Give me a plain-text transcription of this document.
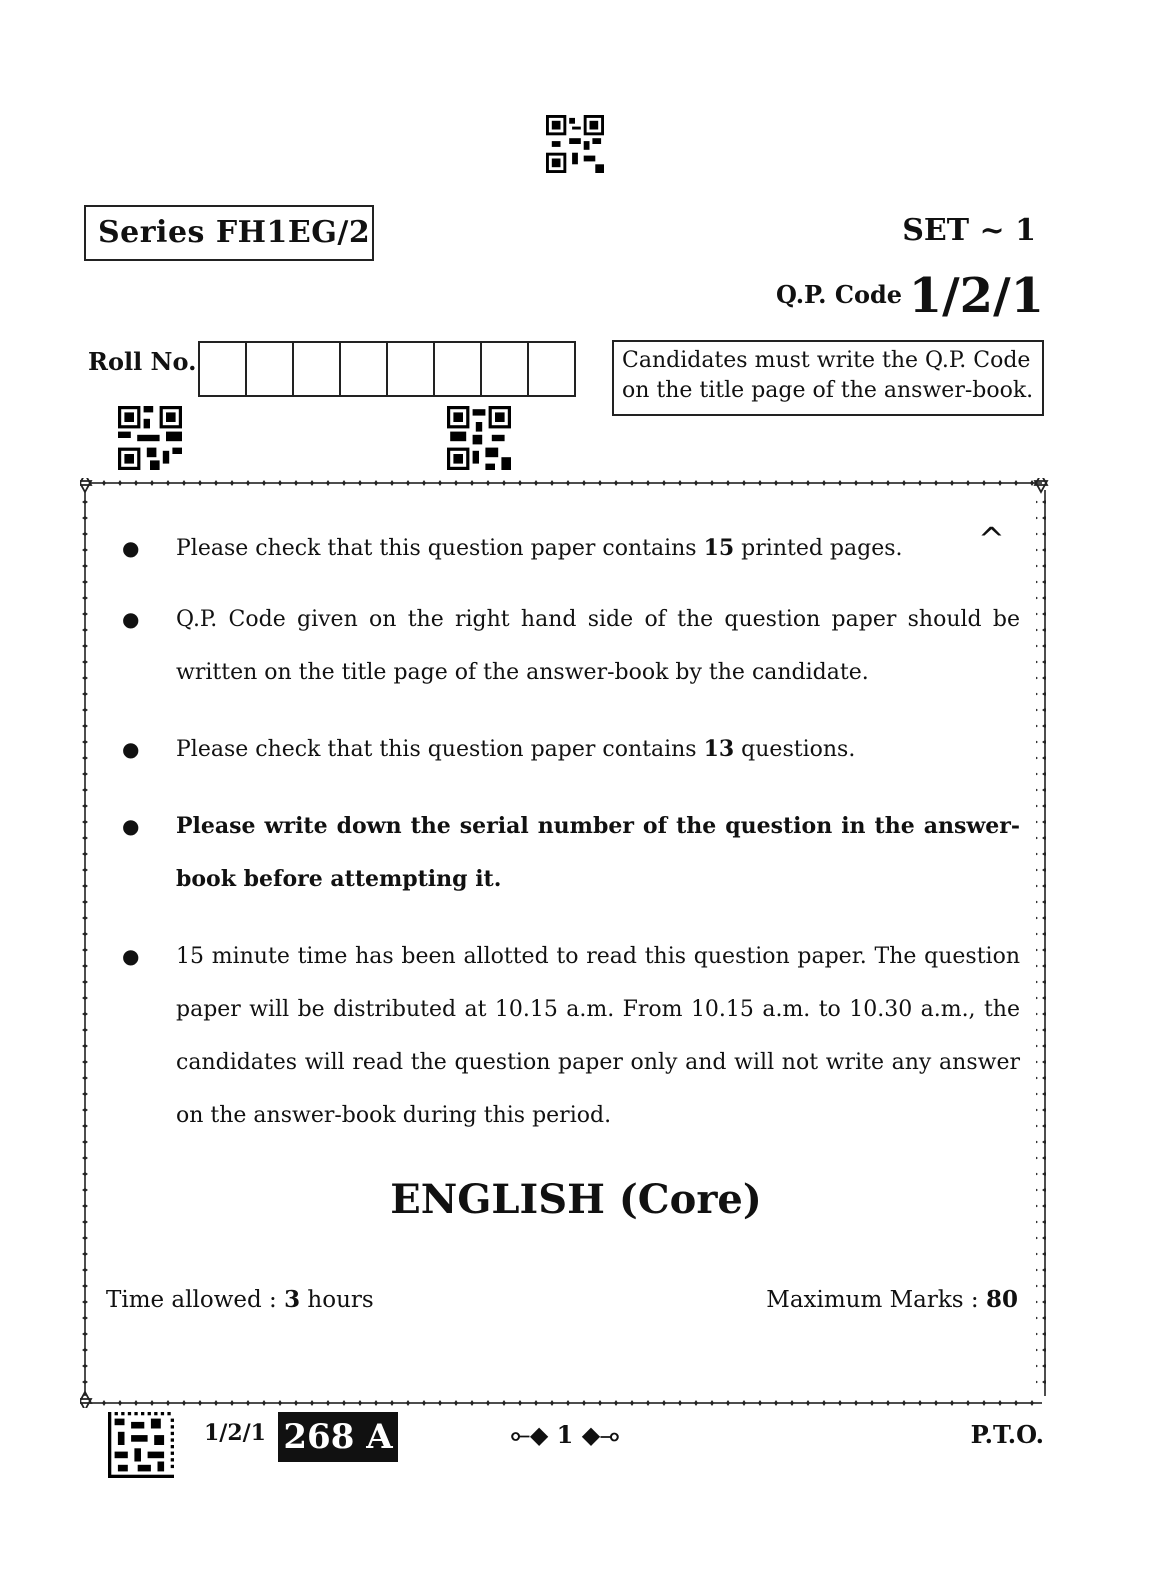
Series FH1EG/2	SET ~ 1
Q.P. Code 1/2/1
Roll No.	Candidates must write the Q.P. Code on the title page of the answer-book.
^
●	Please check that this question paper contains 15 printed pages.
●	Q.P. Code given on the right hand side of the question paper should be written on the title page of the answer-book by the candidate.
●	Please check that this question paper contains 13 questions.
●	Please write down the serial number of the question in the answer-book before attempting it.
●	15 minute time has been allotted to read this question paper. The question paper will be distributed at 10.15 a.m. From 10.15 a.m. to 10.30 a.m., the candidates will read the question paper only and will not write any answer on the answer-book during this period.
ENGLISH (Core)
Time allowed : 3 hours	Maximum Marks : 80
1/2/1 268 A	⟜◆ 1 ◆⊸	P.T.O.
